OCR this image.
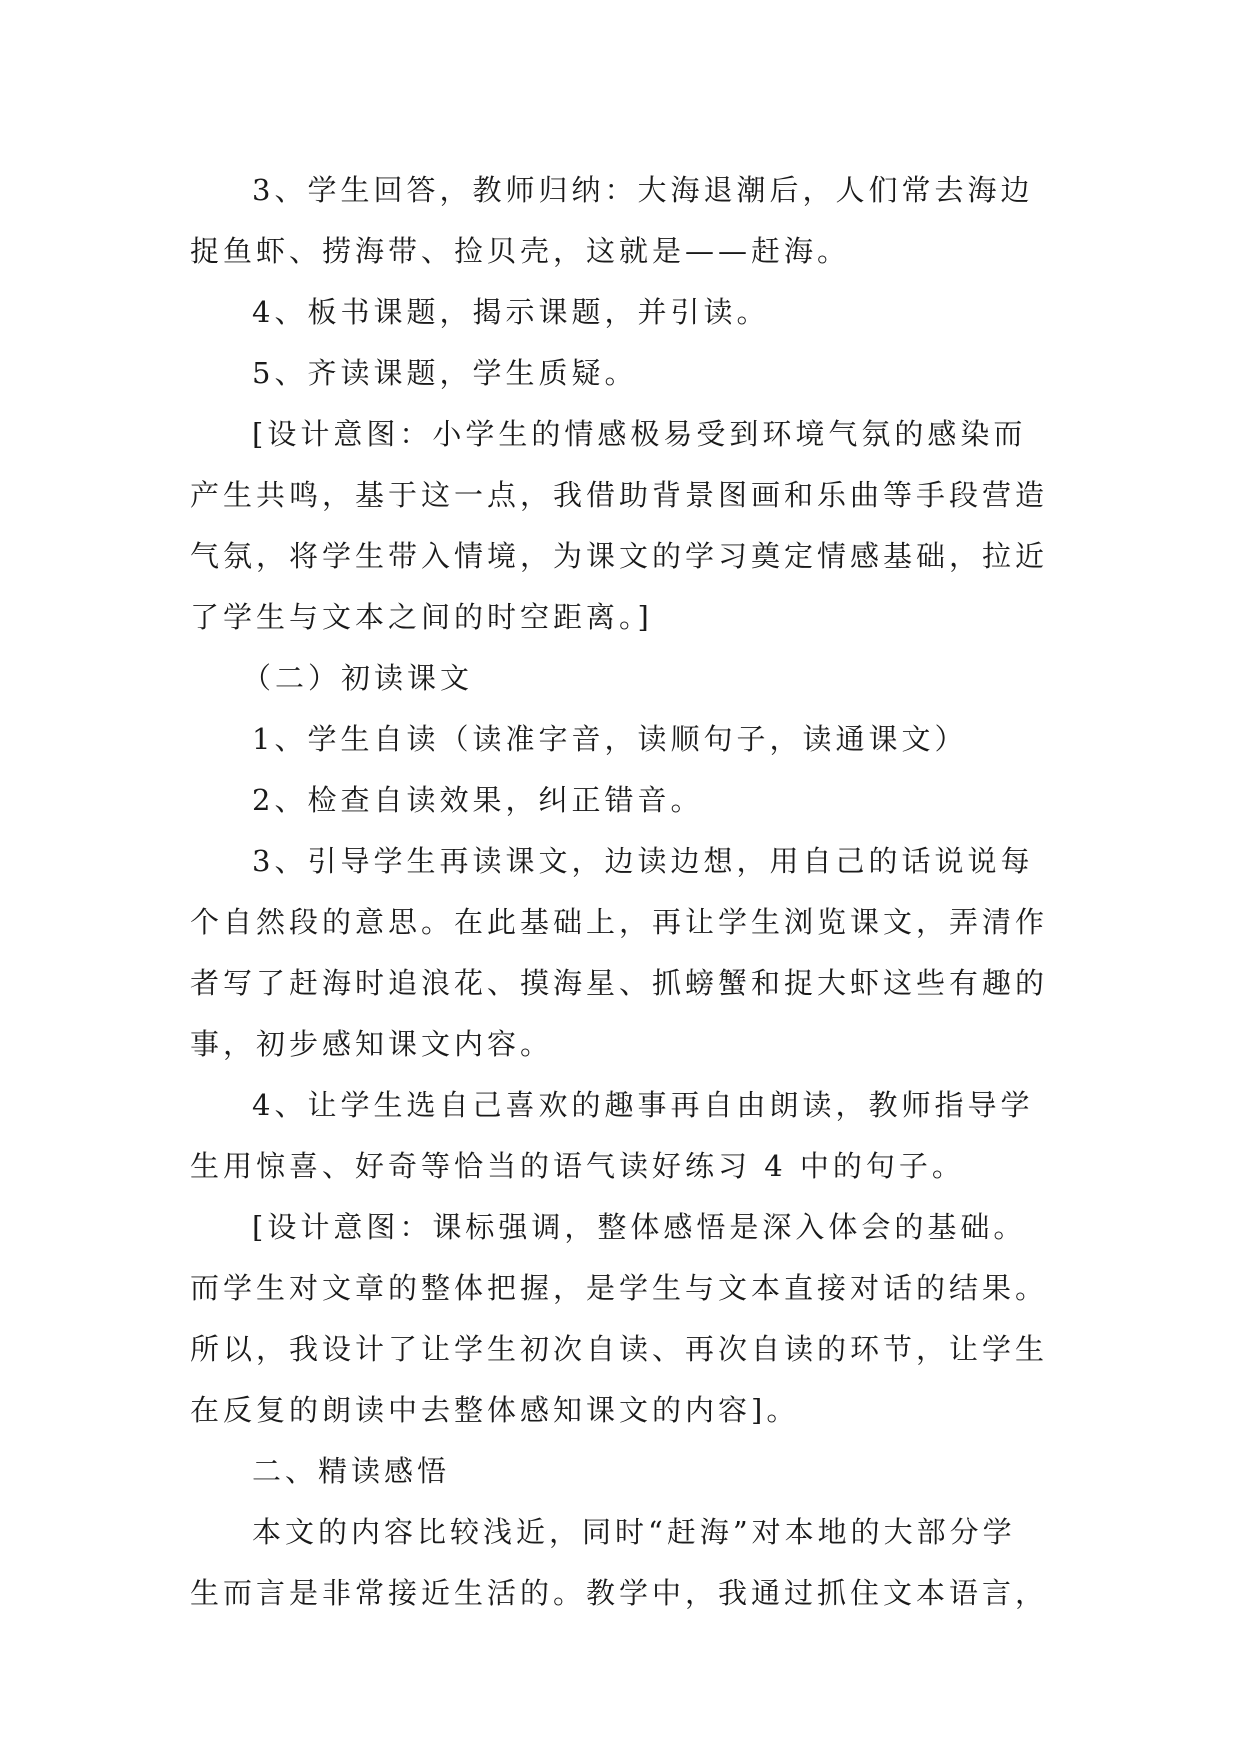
3、学生回答，教师归纳：大海退潮后，人们常去海边
捉鱼虾、捞海带、捡贝壳，这就是——赶海。
4、板书课题，揭示课题，并引读。
5、齐读课题，学生质疑。
[设计意图：小学生的情感极易受到环境气氛的感染而
产生共鸣，基于这一点，我借助背景图画和乐曲等手段营造
气氛，将学生带入情境，为课文的学习奠定情感基础，拉近
了学生与文本之间的时空距离。]
（二）初读课文
1、学生自读（读准字音，读顺句子，读通课文）
2、检查自读效果，纠正错音。
3、引导学生再读课文，边读边想，用自己的话说说每
个自然段的意思。在此基础上，再让学生浏览课文，弄清作
者写了赶海时追浪花、摸海星、抓螃蟹和捉大虾这些有趣的
事，初步感知课文内容。
4、让学生选自己喜欢的趣事再自由朗读，教师指导学
生用惊喜、好奇等恰当的语气读好练习 4 中的句子。
[设计意图：课标强调，整体感悟是深入体会的基础。
而学生对文章的整体把握，是学生与文本直接对话的结果。
所以，我设计了让学生初次自读、再次自读的环节，让学生
在反复的朗读中去整体感知课文的内容]。
二、精读感悟
本文的内容比较浅近，同时“赶海”对本地的大部分学
生而言是非常接近生活的。教学中，我通过抓住文本语言，
